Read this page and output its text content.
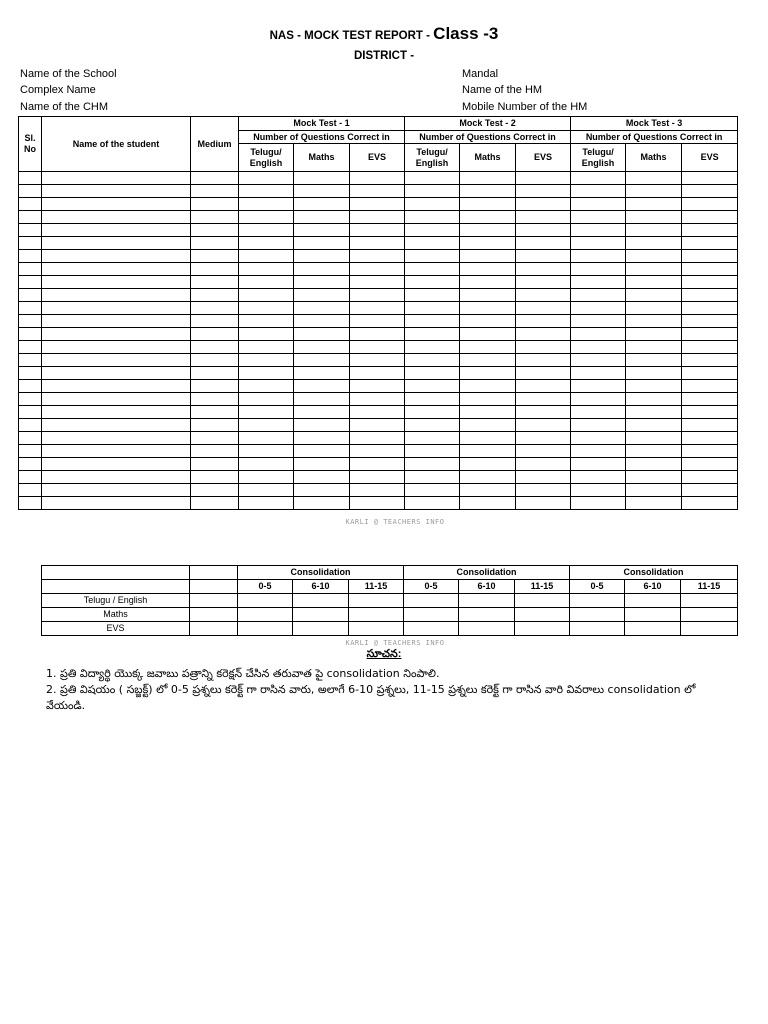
NAS - MOCK TEST REPORT - Class -3
DISTRICT -
Name of the School
Complex Name
Name of the CHM
Mandal
Name of the HM
Mobile Number of the HM
Sl. No	Name of the student	Medium	Mock Test - 1			Mock Test - 2			Mock Test - 3		
			Number of Questions Correct in			Number of Questions Correct in			Number of Questions Correct in		
			Telugu/ English	Maths	EVS	Telugu/ English	Maths	EVS	Telugu/ English	Maths	EVS

KARLI @ TEACHERS INFO
		Consolidation			Consolidation			Consolidation		
		0-5	6-10	11-15	0-5	6-10	11-15	0-5	6-10	11-15
Telugu / English										
Maths										
EVS										
KARLI @ TEACHERS INFO
సూచన:
1. ప్రతి విద్యార్థి యొక్క జవాబు పత్రాన్ని కరెక్షన్ చేసిన తరువాత పై consolidation నింపాలి.
2. ప్రతి విషయం ( సబ్జక్ట్) లో 0-5 ప్రశ్నలు కరెక్ట్ గా రాసిన వారు, అలాగే 6-10 ప్రశ్నలు, 11-15 ప్రశ్నలు కరెక్ట్ గా రాసిన వారి వివరాలు consolidation లో వేయండి.
